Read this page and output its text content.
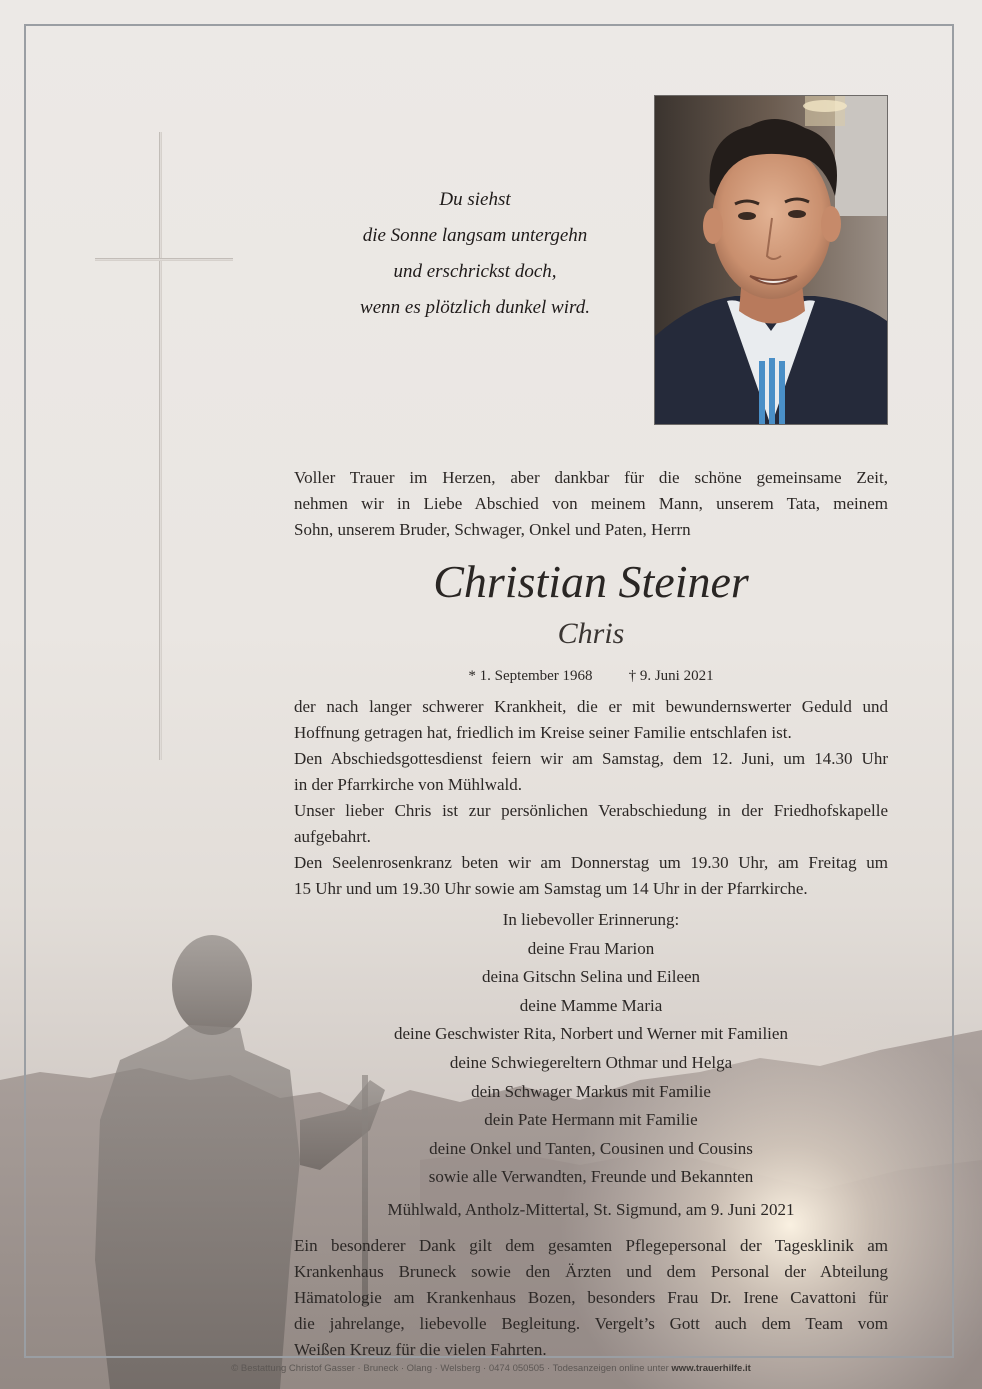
Du siehst
die Sonne langsam untergehn
und erschrickst doch,
wenn es plötzlich dunkel wird.
Voller Trauer im Herzen, aber dankbar für die schöne gemeinsame Zeit,
nehmen wir in Liebe Abschied von meinem Mann, unserem Tata, meinem
Sohn, unserem Bruder, Schwager, Onkel und Paten, Herrn
Christian Steiner
Chris
* 1. September 1968 † 9. Juni 2021
der nach langer schwerer Krankheit, die er mit bewundernswerter Geduld und
Hoffnung getragen hat, friedlich im Kreise seiner Familie entschlafen ist.
Den Abschiedsgottesdienst feiern wir am Samstag, dem 12. Juni, um 14.30 Uhr
in der Pfarrkirche von Mühlwald.
Unser lieber Chris ist zur persönlichen Verabschiedung in der Friedhofskapelle
aufgebahrt.
Den Seelenrosenkranz beten wir am Donnerstag um 19.30 Uhr, am Freitag um
15 Uhr und um 19.30 Uhr sowie am Samstag um 14 Uhr in der Pfarrkirche.
In liebevoller Erinnerung:
deine Frau Marion
deina Gitschn Selina und Eileen
deine Mamme Maria
deine Geschwister Rita, Norbert und Werner mit Familien
deine Schwiegereltern Othmar und Helga
dein Schwager Markus mit Familie
dein Pate Hermann mit Familie
deine Onkel und Tanten, Cousinen und Cousins
sowie alle Verwandten, Freunde und Bekannten
Mühlwald, Antholz-Mittertal, St. Sigmund, am 9. Juni 2021
Ein besonderer Dank gilt dem gesamten Pflegepersonal der Tagesklinik am
Krankenhaus Bruneck sowie den Ärzten und dem Personal der Abteilung
Hämatologie am Krankenhaus Bozen, besonders Frau Dr. Irene Cavattoni für
die jahrelange, liebevolle Begleitung. Vergelt’s Gott auch dem Team vom
Weißen Kreuz für die vielen Fahrten.
© Bestattung Christof Gasser · Bruneck · Olang · Welsberg · 0474 050505 · Todesanzeigen online unter www.trauerhilfe.it
